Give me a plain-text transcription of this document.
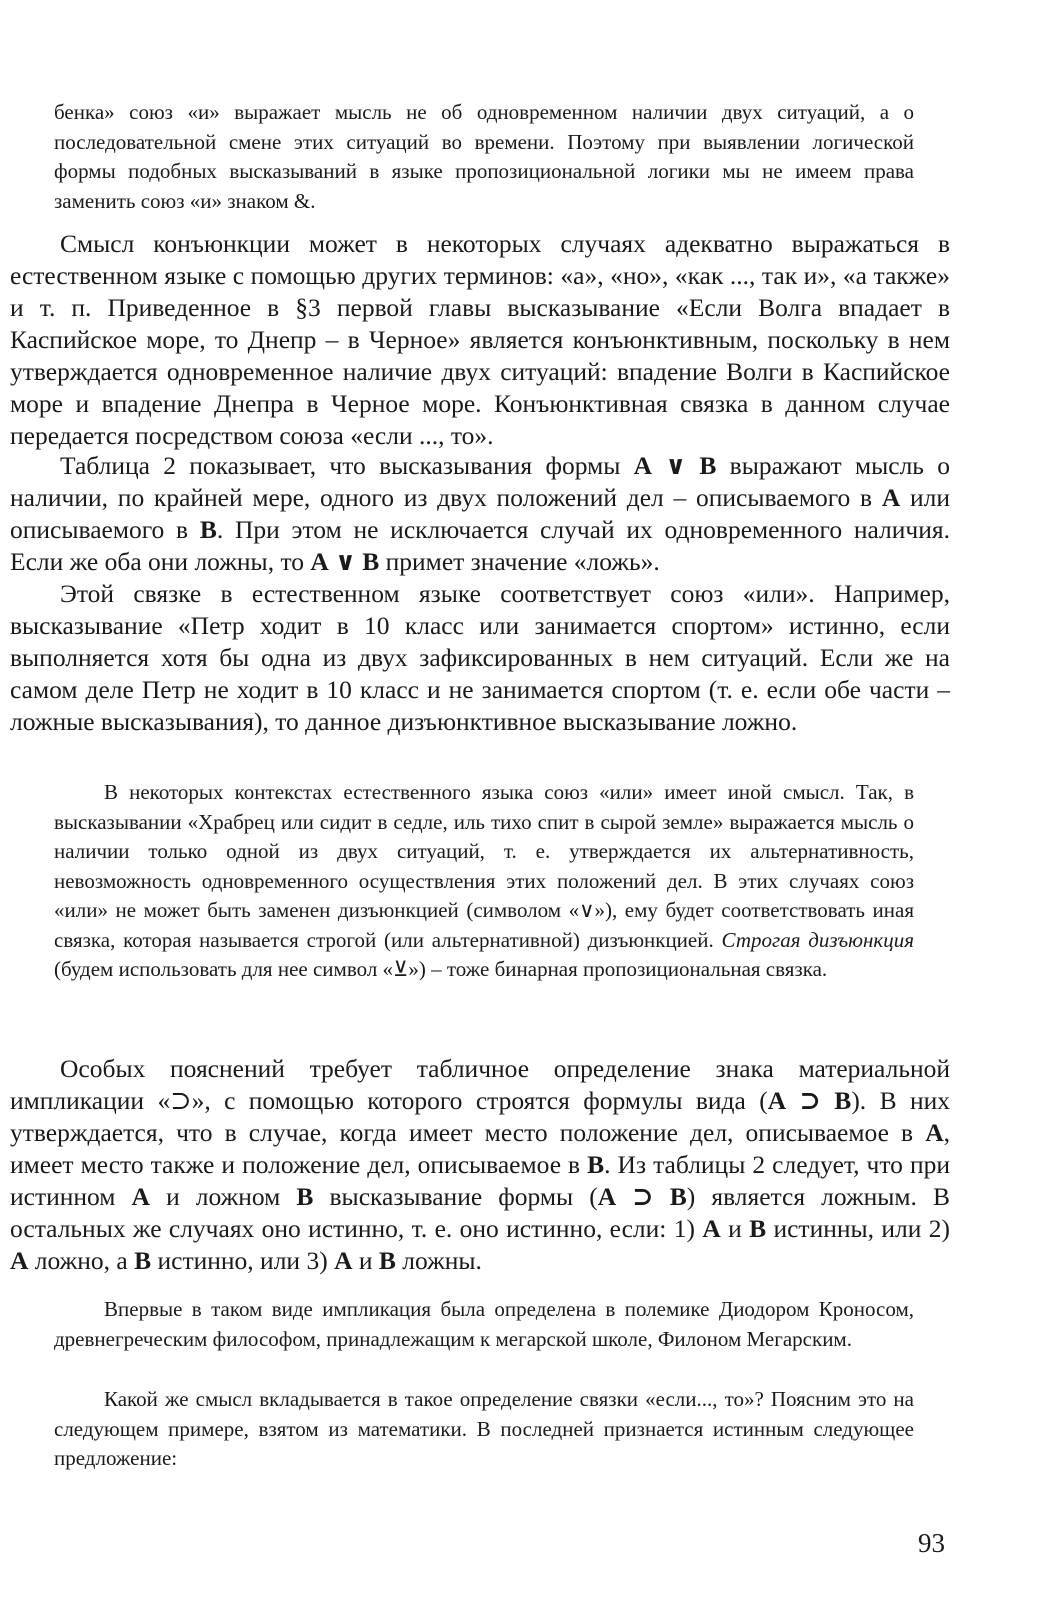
бенка» союз «и» выражает мысль не об одновременном наличии двух ситуаций, а о последовательной смене этих ситуаций во времени. Поэтому при выявлении логической формы подобных высказываний в языке пропозициональной логики мы не имеем права заменить союз «и» знаком &.

Смысл конъюнкции может в некоторых случаях адекватно выражаться в естественном языке с помощью других терминов: «а», «но», «как ..., так и», «а также» и т. п. Приведенное в §3 первой главы высказывание «Если Волга впадает в Каспийское море, то Днепр – в Черное» является конъюнктивным, поскольку в нем утверждается одновременное наличие двух ситуаций: впадение Волги в Каспийское море и впадение Днепра в Черное море. Конъюнктивная связка в данном случае передается посредством союза «если ..., то».

Таблица 2 показывает, что высказывания формы А ∨ В выражают мысль о наличии, по крайней мере, одного из двух положений дел – описываемого в А или описываемого в В. При этом не исключается случай их одновременного наличия. Если же оба они ложны, то А ∨ В примет значение «ложь».

Этой связке в естественном языке соответствует союз «или». Например, высказывание «Петр ходит в 10 класс или занимается спортом» истинно, если выполняется хотя бы одна из двух зафиксированных в нем ситуаций. Если же на самом деле Петр не ходит в 10 класс и не занимается спортом (т. е. если обе части – ложные высказывания), то данное дизъюнктивное высказывание ложно.

В некоторых контекстах естественного языка союз «или» имеет иной смысл. Так, в высказывании «Храбрец или сидит в седле, иль тихо спит в сырой земле» выражается мысль о наличии только одной из двух ситуаций, т. е. утверждается их альтернативность, невозможность одновременного осуществления этих положений дел. В этих случаях союз «или» не может быть заменен дизъюнкцией (символом «∨»), ему будет соответствовать иная связка, которая называется строгой (или альтернативной) дизъюнкцией. Строгая дизъюнкция (будем использовать для нее символ «⊻») – тоже бинарная пропозициональная связка.

Особых пояснений требует табличное определение знака материальной импликации «⊃», с помощью которого строятся формулы вида (А ⊃ В). В них утверждается, что в случае, когда имеет место положение дел, описываемое в А, имеет место также и положение дел, описываемое в В. Из таблицы 2 следует, что при истинном А и ложном В высказывание формы (А ⊃ В) является ложным. В остальных же случаях оно истинно, т. е. оно истинно, если: 1) А и В истинны, или 2) А ложно, а В истинно, или 3) А и В ложны.

Впервые в таком виде импликация была определена в полемике Диодором Кроносом, древнегреческим философом, принадлежащим к мегарской школе, Филоном Мегарским.

Какой же смысл вкладывается в такое определение связки «если..., то»? Поясним это на следующем примере, взятом из математики. В последней признается истинным следующее предложение:

93
